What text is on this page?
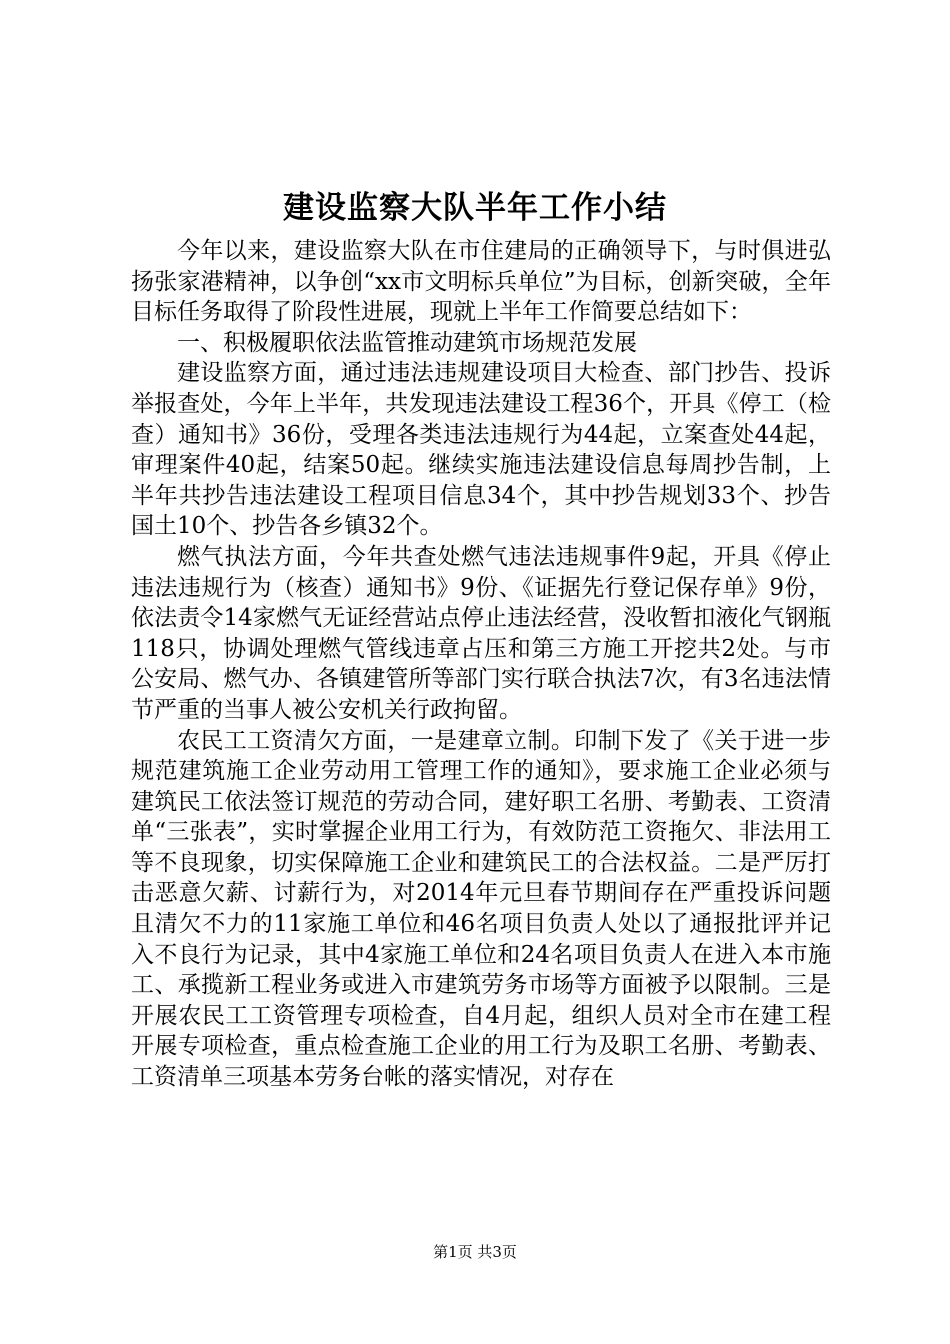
建设监察大队半年工作小结

今年以来，建设监察大队在市住建局的正确领导下，与时俱进弘扬张家港精神，以争创“xx市文明标兵单位”为目标，创新突破，全年目标任务取得了阶段性进展，现就上半年工作简要总结如下：

一、积极履职依法监管推动建筑市场规范发展

建设监察方面，通过违法违规建设项目大检查、部门抄告、投诉举报查处，今年上半年，共发现违法建设工程36个，开具《停工（检查）通知书》36份，受理各类违法违规行为44起，立案查处44起，审理案件40起，结案50起。继续实施违法建设信息每周抄告制，上半年共抄告违法建设工程项目信息34个，其中抄告规划33个、抄告国土10个、抄告各乡镇32个。

燃气执法方面，今年共查处燃气违法违规事件9起，开具《停止违法违规行为（核查）通知书》9份、《证据先行登记保存单》9份，依法责令14家燃气无证经营站点停止违法经营，没收暂扣液化气钢瓶118只，协调处理燃气管线违章占压和第三方施工开挖共2处。与市公安局、燃气办、各镇建管所等部门实行联合执法7次，有3名违法情节严重的当事人被公安机关行政拘留。

农民工工资清欠方面，一是建章立制。印制下发了《关于进一步规范建筑施工企业劳动用工管理工作的通知》，要求施工企业必须与建筑民工依法签订规范的劳动合同，建好职工名册、考勤表、工资清单“三张表”，实时掌握企业用工行为，有效防范工资拖欠、非法用工等不良现象，切实保障施工企业和建筑民工的合法权益。二是严厉打击恶意欠薪、讨薪行为，对2014年元旦春节期间存在严重投诉问题且清欠不力的11家施工单位和46名项目负责人处以了通报批评并记入不良行为记录，其中4家施工单位和24名项目负责人在进入本市施工、承揽新工程业务或进入市建筑劳务市场等方面被予以限制。三是开展农民工工资管理专项检查，自4月起，组织人员对全市在建工程开展专项检查，重点检查施工企业的用工行为及职工名册、考勤表、工资清单三项基本劳务台帐的落实情况，对存在

第1页 共3页
